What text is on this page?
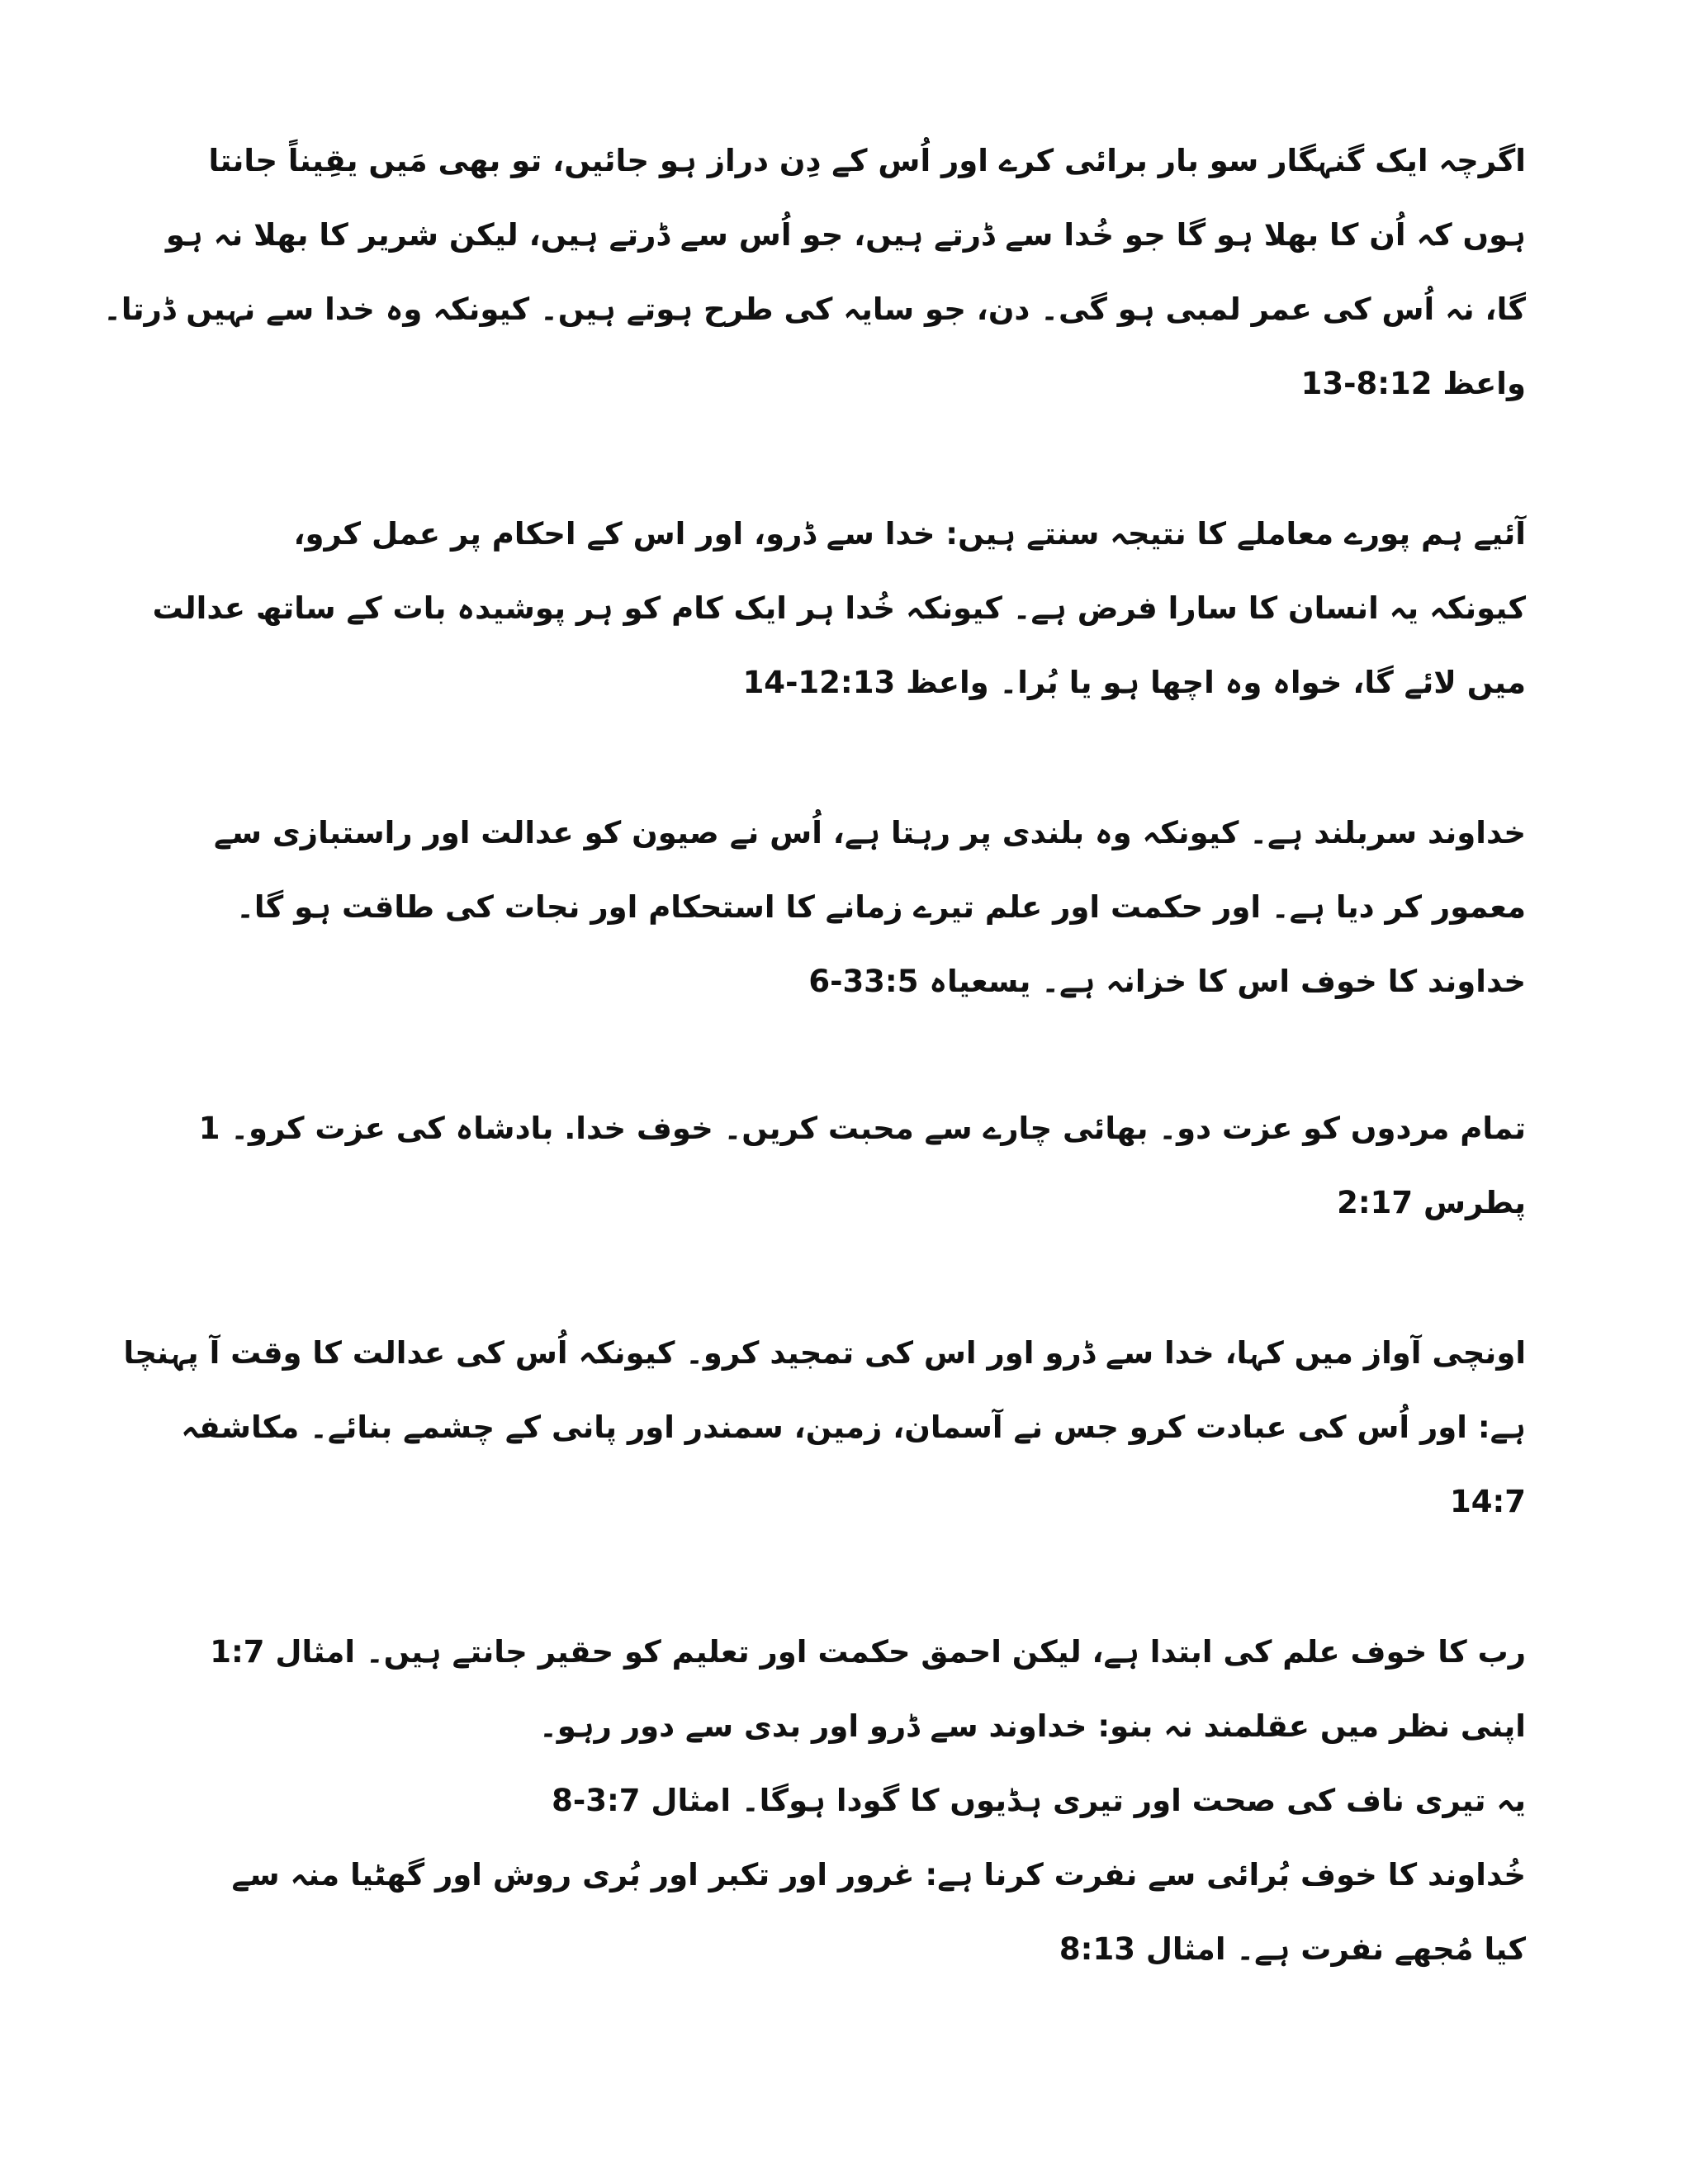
اگرچہ ایک گنہگار سو بار برائی کرے اور اُس کے دِن دراز ہو جائیں، تو بھی مَیں یقِیناً جانتا
ہوں کہ اُن کا بھلا ہو گا جو خُدا سے ڈرتے ہیں، جو اُس سے ڈرتے ہیں، لیکن شریر کا بھلا نہ ہو
گا، نہ اُس کی عمر لمبی ہو گی۔ دن، جو سایہ کی طرح ہوتے ہیں۔ کیونکہ وہ خدا سے نہیں ڈرتا۔
واعظ 8:12-13

آئیے ہم پورے معاملے کا نتیجہ سنتے ہیں: خدا سے ڈرو، اور اس کے احکام پر عمل کرو،
کیونکہ یہ انسان کا سارا فرض ہے۔ کیونکہ خُدا ہر ایک کام کو ہر پوشیدہ بات کے ساتھ عدالت
میں لائے گا، خواہ وہ اچھا ہو یا بُرا۔ واعظ 12:13-14

خداوند سربلند ہے۔ کیونکہ وہ بلندی پر رہتا ہے، اُس نے صیون کو عدالت اور راستبازی سے
معمور کر دیا ہے۔ اور حکمت اور علم تیرے زمانے کا استحکام اور نجات کی طاقت ہو گا۔
خداوند کا خوف اس کا خزانہ ہے۔ یسعیاہ 33:5-6

تمام مردوں کو عزت دو۔ بھائی چارے سے محبت کریں۔ خوف خدا. بادشاہ کی عزت کرو۔ 1
پطرس 2:17

اونچی آواز میں کہا، خدا سے ڈرو اور اس کی تمجید کرو۔ کیونکہ اُس کی عدالت کا وقت آ پہنچا
ہے: اور اُس کی عبادت کرو جس نے آسمان، زمین، سمندر اور پانی کے چشمے بنائے۔ مکاشفہ
14:7

رب کا خوف علم کی ابتدا ہے، لیکن احمق حکمت اور تعلیم کو حقیر جانتے ہیں۔ امثال 1:7
اپنی نظر میں عقلمند نہ بنو: خداوند سے ڈرو اور بدی سے دور رہو۔
یہ تیری ناف کی صحت اور تیری ہڈیوں کا گودا ہوگا۔ امثال 3:7-8
خُداوند کا خوف بُرائی سے نفرت کرنا ہے: غرور اور تکبر اور بُری روش اور گھٹیا منہ سے
کیا مُجھے نفرت ہے۔ امثال 8:13
